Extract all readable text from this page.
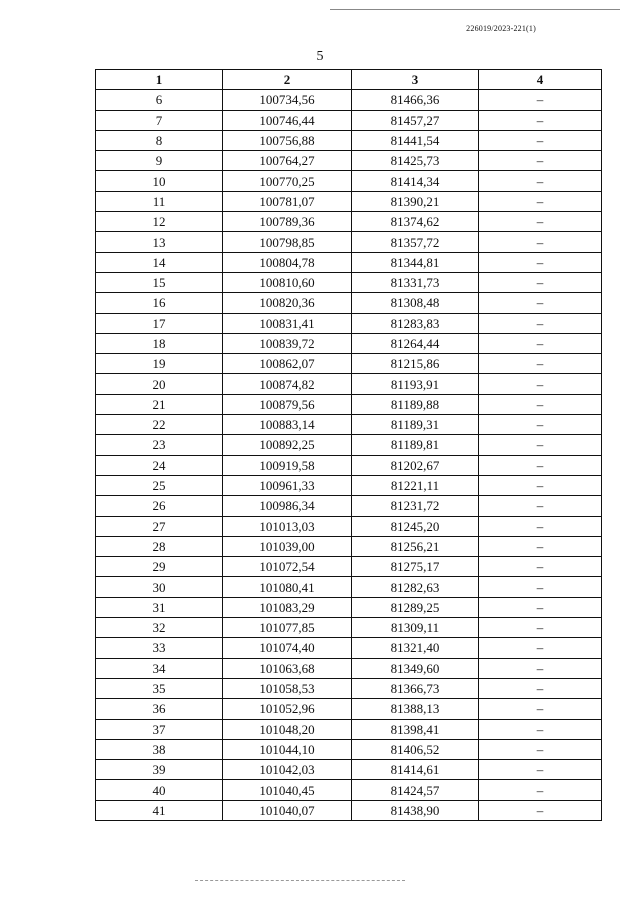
226019/2023-221(1)
5
1	2	3	4
6	100734,56	81466,36	–
7	100746,44	81457,27	–
8	100756,88	81441,54	–
9	100764,27	81425,73	–
10	100770,25	81414,34	–
11	100781,07	81390,21	–
12	100789,36	81374,62	–
13	100798,85	81357,72	–
14	100804,78	81344,81	–
15	100810,60	81331,73	–
16	100820,36	81308,48	–
17	100831,41	81283,83	–
18	100839,72	81264,44	–
19	100862,07	81215,86	–
20	100874,82	81193,91	–
21	100879,56	81189,88	–
22	100883,14	81189,31	–
23	100892,25	81189,81	–
24	100919,58	81202,67	–
25	100961,33	81221,11	–
26	100986,34	81231,72	–
27	101013,03	81245,20	–
28	101039,00	81256,21	–
29	101072,54	81275,17	–
30	101080,41	81282,63	–
31	101083,29	81289,25	–
32	101077,85	81309,11	–
33	101074,40	81321,40	–
34	101063,68	81349,60	–
35	101058,53	81366,73	–
36	101052,96	81388,13	–
37	101048,20	81398,41	–
38	101044,10	81406,52	–
39	101042,03	81414,61	–
40	101040,45	81424,57	–
41	101040,07	81438,90	–
